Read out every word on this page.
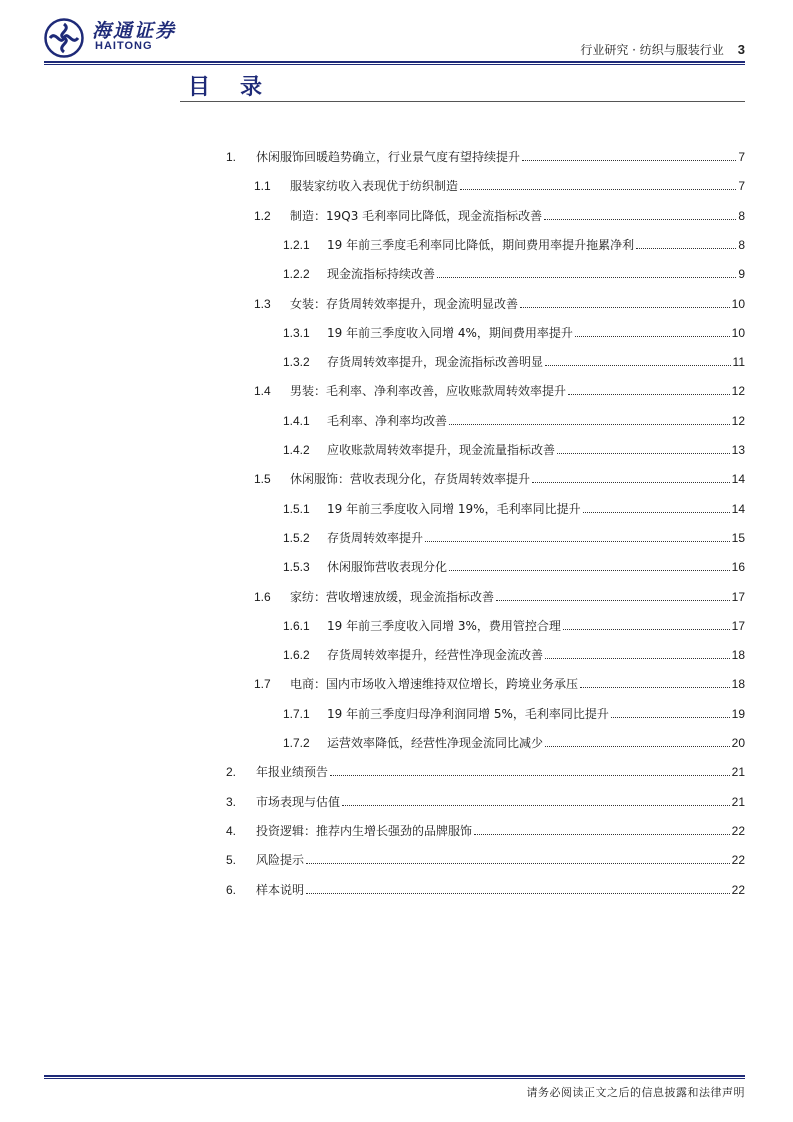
海通证券
HAITONG	行业研究 · 纺织与服装行业 3
目录
1.	休闲服饰回暖趋势确立，行业景气度有望持续提升	7
1.1	服装家纺收入表现优于纺织制造	7
1.2	制造：19Q3 毛利率同比降低，现金流指标改善	8
1.2.1	19 年前三季度毛利率同比降低，期间费用率提升拖累净利	8
1.2.2	现金流指标持续改善	9
1.3	女装：存货周转效率提升，现金流明显改善	10
1.3.1	19 年前三季度收入同增 4%，期间费用率提升	10
1.3.2	存货周转效率提升，现金流指标改善明显	11
1.4	男装：毛利率、净利率改善，应收账款周转效率提升	12
1.4.1	毛利率、净利率均改善	12
1.4.2	应收账款周转效率提升，现金流量指标改善	13
1.5	休闲服饰：营收表现分化，存货周转效率提升	14
1.5.1	19 年前三季度收入同增 19%，毛利率同比提升	14
1.5.2	存货周转效率提升	15
1.5.3	休闲服饰营收表现分化	16
1.6	家纺：营收增速放缓，现金流指标改善	17
1.6.1	19 年前三季度收入同增 3%，费用管控合理	17
1.6.2	存货周转效率提升，经营性净现金流改善	18
1.7	电商：国内市场收入增速维持双位增长，跨境业务承压	18
1.7.1	19 年前三季度归母净利润同增 5%，毛利率同比提升	19
1.7.2	运营效率降低，经营性净现金流同比减少	20
2.	年报业绩预告	21
3.	市场表现与估值	21
4.	投资逻辑：推荐内生增长强劲的品牌服饰	22
5.	风险提示	22
6.	样本说明	22
请务必阅读正文之后的信息披露和法律声明
